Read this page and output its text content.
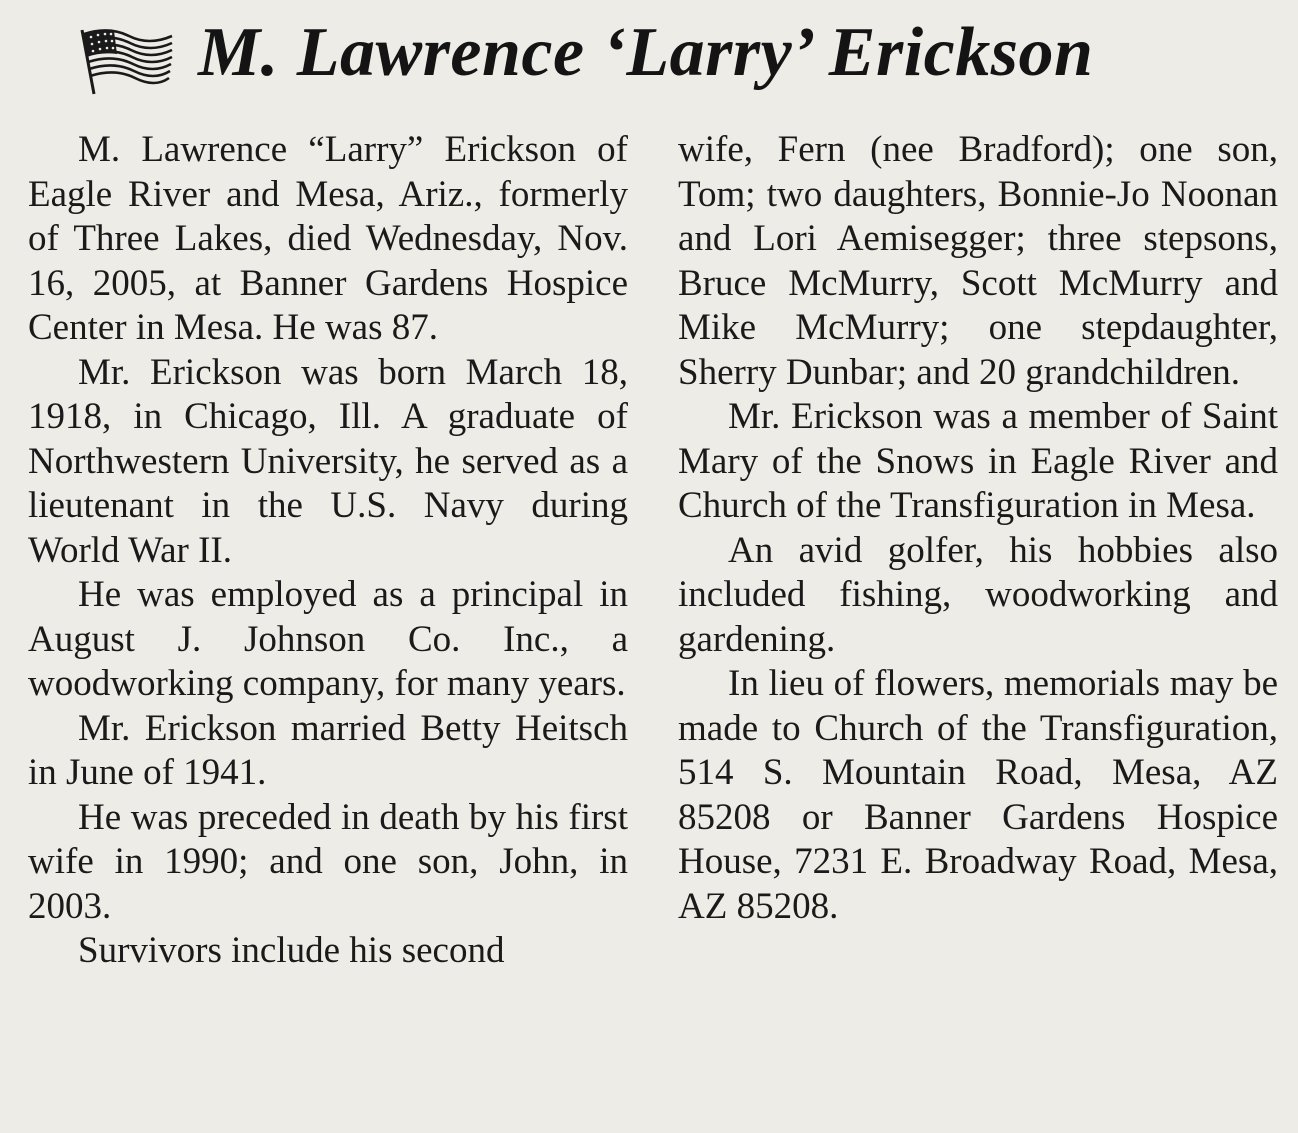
M. Lawrence ‘Larry’ Erickson

M. Lawrence “Larry” Erickson of Eagle River and Mesa, Ariz., formerly of Three Lakes, died Wednesday, Nov. 16, 2005, at Banner Gardens Hospice Center in Mesa. He was 87.

Mr. Erickson was born March 18, 1918, in Chicago, Ill. A graduate of Northwestern University, he served as a lieutenant in the U.S. Navy during World War II.

He was employed as a principal in August J. Johnson Co. Inc., a woodworking company, for many years.

Mr. Erickson married Betty Heitsch in June of 1941.

He was preceded in death by his first wife in 1990; and one son, John, in 2003.

Survivors include his second

wife, Fern (nee Bradford); one son, Tom; two daughters, Bonnie-Jo Noonan and Lori Aemisegger; three stepsons, Bruce McMurry, Scott McMurry and Mike McMurry; one stepdaughter, Sherry Dunbar; and 20 grandchildren.

Mr. Erickson was a member of Saint Mary of the Snows in Eagle River and Church of the Transfiguration in Mesa.

An avid golfer, his hobbies also included fishing, woodworking and gardening.

In lieu of flowers, memorials may be made to Church of the Transfiguration, 514 S. Mountain Road, Mesa, AZ 85208 or Banner Gardens Hospice House, 7231 E. Broadway Road, Mesa, AZ 85208.
